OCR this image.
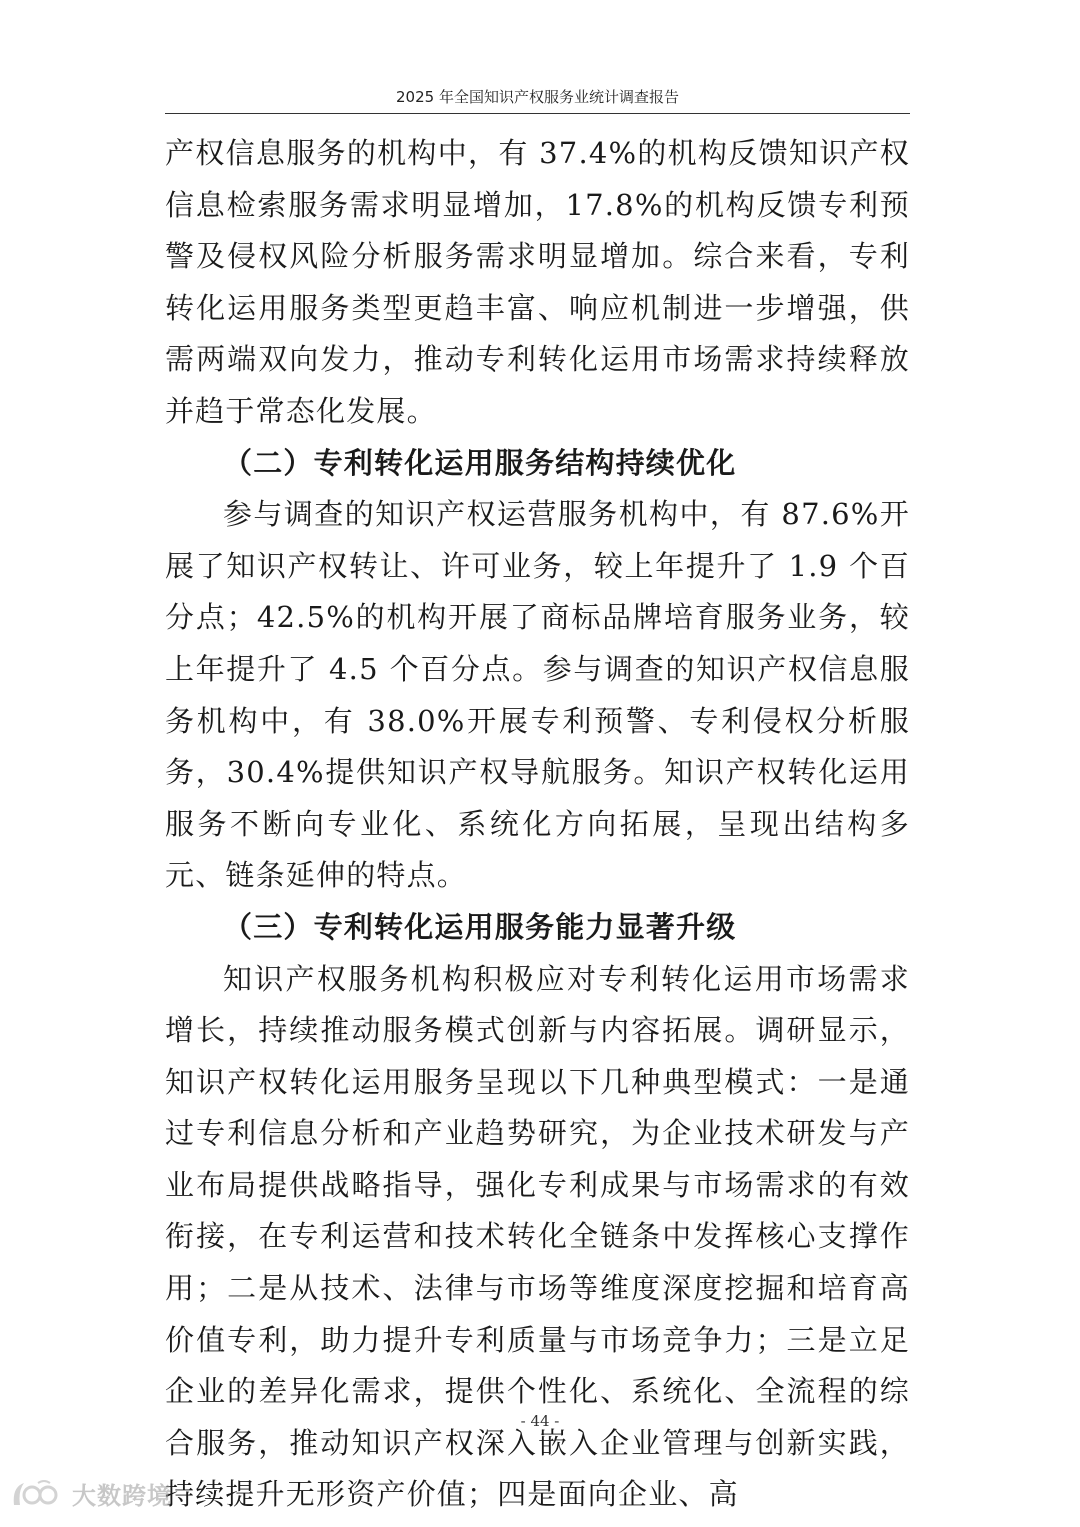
2025 年全国知识产权服务业统计调查报告

产权信息服务的机构中，有 37.4%的机构反馈知识产权信息检索服务需求明显增加，17.8%的机构反馈专利预警及侵权风险分析服务需求明显增加。综合来看，专利转化运用服务类型更趋丰富、响应机制进一步增强，供需两端双向发力，推动专利转化运用市场需求持续释放并趋于常态化发展。

（二）专利转化运用服务结构持续优化

参与调查的知识产权运营服务机构中，有 87.6%开展了知识产权转让、许可业务，较上年提升了 1.9 个百分点；42.5%的机构开展了商标品牌培育服务业务，较上年提升了 4.5 个百分点。参与调查的知识产权信息服务机构中，有 38.0%开展专利预警、专利侵权分析服务，30.4%提供知识产权导航服务。知识产权转化运用服务不断向专业化、系统化方向拓展，呈现出结构多元、链条延伸的特点。

（三）专利转化运用服务能力显著升级

知识产权服务机构积极应对专利转化运用市场需求增长，持续推动服务模式创新与内容拓展。调研显示，知识产权转化运用服务呈现以下几种典型模式：一是通过专利信息分析和产业趋势研究，为企业技术研发与产业布局提供战略指导，强化专利成果与市场需求的有效衔接，在专利运营和技术转化全链条中发挥核心支撑作用；二是从技术、法律与市场等维度深度挖掘和培育高价值专利，助力提升专利质量与市场竞争力；三是立足企业的差异化需求，提供个性化、系统化、全流程的综合服务，推动知识产权深入嵌入企业管理与创新实践，持续提升无形资产价值；四是面向企业、高

- 44 -
大数跨境
